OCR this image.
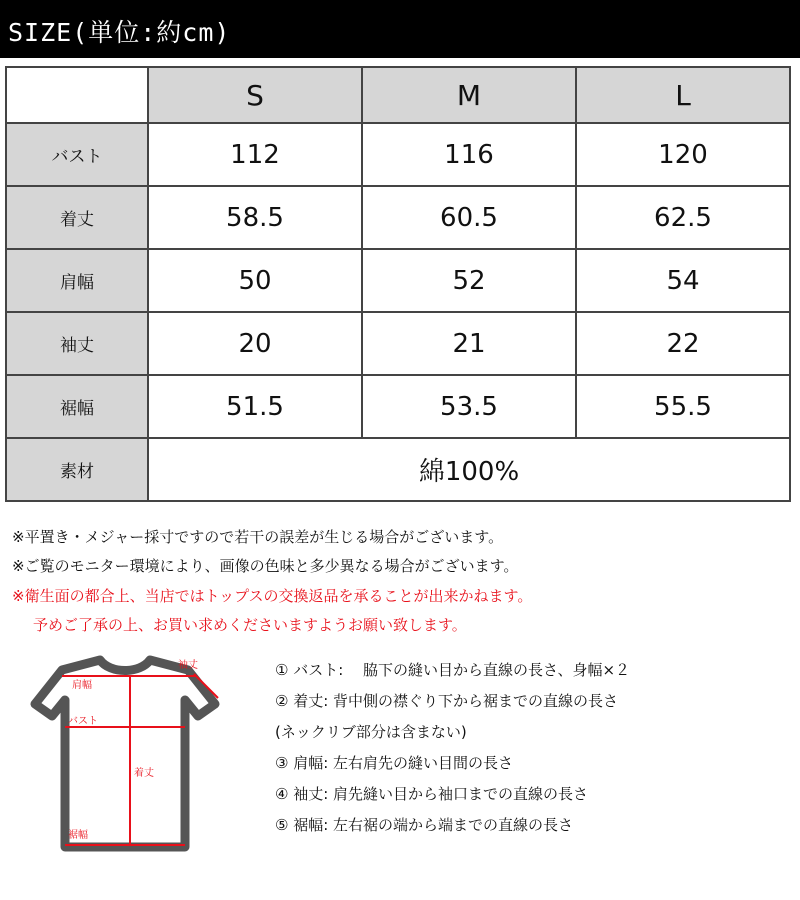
SIZE(単位:約cm)
	S	M	L
バスト	112	116	120
着丈	58.5	60.5	62.5
肩幅	50	52	54
袖丈	20	21	22
裾幅	51.5	53.5	55.5
素材	綿100%		
※平置き・メジャー採寸ですので若干の誤差が生じる場合がございます。
※ご覧のモニター環境により、画像の色味と多少異なる場合がございます。
※衛生面の都合上、当店ではトップスの交換返品を承ることが出来かねます。
予めご了承の上、お買い求めくださいますようお願い致します。
袖丈
肩幅
バスト
着丈
裾幅
① バスト:　 脇下の縫い目から直線の長さ、身幅×２
② 着丈: 背中側の襟ぐり下から裾までの直線の長さ
(ネックリブ部分は含まない)
③ 肩幅: 左右肩先の縫い目間の長さ
④ 袖丈: 肩先縫い目から袖口までの直線の長さ
⑤ 裾幅: 左右裾の端から端までの直線の長さ
